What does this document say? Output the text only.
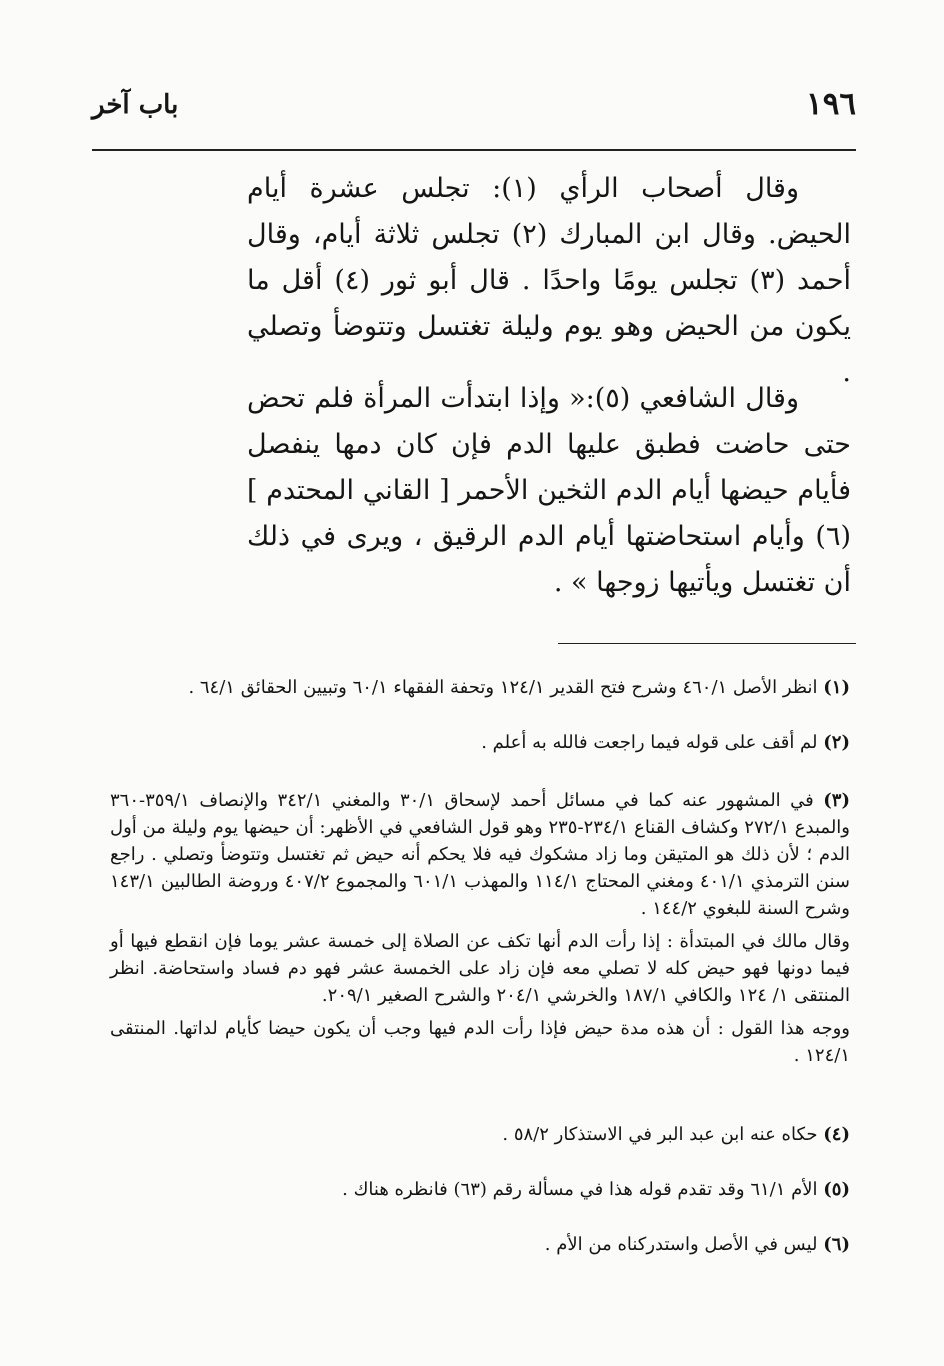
١٩٦
باب آخر

وقال أصحاب الرأي (١): تجلس عشرة أيام الحيض. وقال ابن المبارك (٢) تجلس ثلاثة أيام، وقال أحمد (٣) تجلس يومًا واحدًا . قال أبو ثور (٤) أقل ما يكون من الحيض وهو يوم وليلة تغتسل وتتوضأ وتصلي .

وقال الشافعي (٥):« وإذا ابتدأت المرأة فلم تحض حتى حاضت فطبق عليها الدم فإن كان دمها ينفصل فأيام حيضها أيام الدم الثخين الأحمر [ القاني المحتدم ] (٦) وأيام استحاضتها أيام الدم الرقيق ، ويرى في ذلك أن تغتسل ويأتيها زوجها » .

(١) انظر الأصل ٤٦٠/١ وشرح فتح القدير ١٢٤/١ وتحفة الفقهاء ٦٠/١ وتبيين الحقائق ٦٤/١ .

(٢) لم أقف على قوله فيما راجعت فالله به أعلم .

(٣) في المشهور عنه كما في مسائل أحمد لإسحاق ٣٠/١ والمغني ٣٤٢/١ والإنصاف ٣٥٩/١-٣٦٠ والمبدع ٢٧٢/١ وكشاف القناع ٢٣٤/١-٢٣٥ وهو قول الشافعي في الأظهر: أن حيضها يوم وليلة من أول الدم ؛ لأن ذلك هو المتيقن وما زاد مشكوك فيه فلا يحكم أنه حيض ثم تغتسل وتتوضأ وتصلي . راجع سنن الترمذي ٤٠١/١ ومغني المحتاج ١١٤/١ والمهذب ٦٠١/١ والمجموع ٤٠٧/٢ وروضة الطالبين ١٤٣/١ وشرح السنة للبغوي ١٤٤/٢ .

وقال مالك في المبتدأة : إذا رأت الدم أنها تكف عن الصلاة إلى خمسة عشر يوما فإن انقطع فيها أو فيما دونها فهو حيض كله لا تصلي معه فإن زاد على الخمسة عشر فهو دم فساد واستحاضة. انظر المنتقى ١/ ١٢٤ والكافي ١٨٧/١ والخرشي ٢٠٤/١ والشرح الصغير ٢٠٩/١.

ووجه هذا القول : أن هذه مدة حيض فإذا رأت الدم فيها وجب أن يكون حيضا كأيام لداتها. المنتقى ١٢٤/١ .

(٤) حكاه عنه ابن عبد البر في الاستذكار ٥٨/٢ .

(٥) الأم ٦١/١ وقد تقدم قوله هذا في مسألة رقم (٦٣) فانظره هناك .

(٦) ليس في الأصل واستدركناه من الأم .
